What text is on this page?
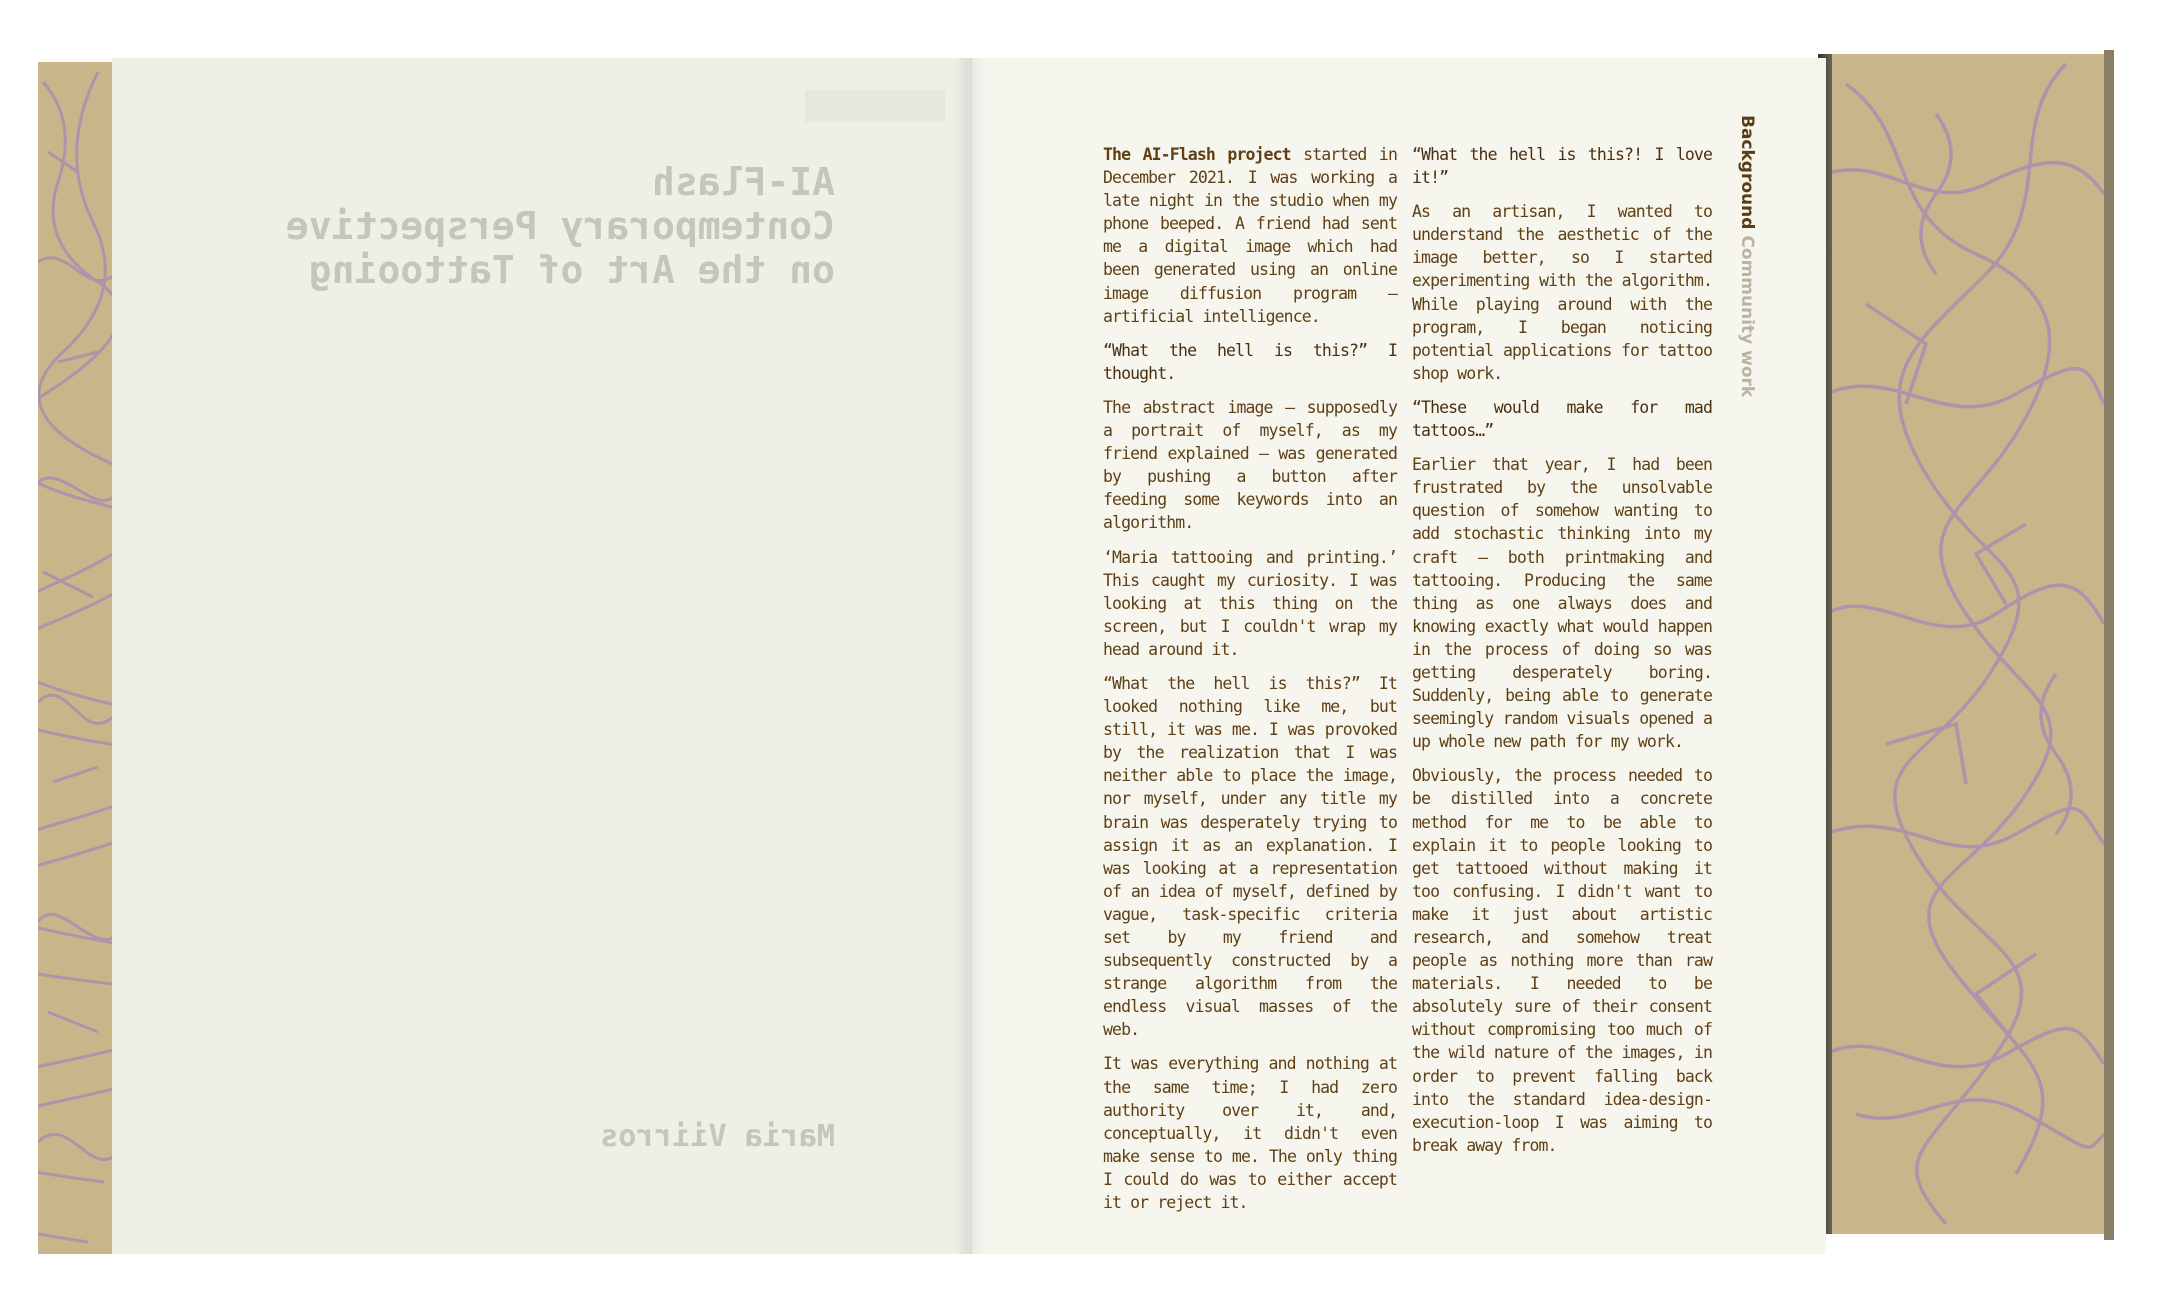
AI-Flash
Contemporary Perspective
on the Art of Tattooing
Maria Viirros

The AI-Flash project started in December 2021. I was working a late night in the studio when my phone beeped. A friend had sent me a digital image which had been generated using an online image diffusion program – artificial intelligence.

“What the hell is this?” I thought.

The abstract image – supposedly a portrait of myself, as my friend explained – was generated by pushing a button after feeding some keywords into an algorithm.

‘Maria tattooing and printing.’ This caught my curiosity. I was looking at this thing on the screen, but I couldn't wrap my head around it.

“What the hell is this?” It looked nothing like me, but still, it was me. I was provoked by the realization that I was neither able to place the image, nor myself, under any title my brain was desperately trying to assign it as an explanation. I was looking at a representation of an idea of myself, defined by vague, task-specific criteria set by my friend and subsequently constructed by a strange algorithm from the endless visual masses of the web.

It was everything and nothing at the same time; I had zero authority over it, and, conceptually, it didn't even make sense to me. The only thing I could do was to either accept it or reject it.

“What the hell is this?! I love it!”

As an artisan, I wanted to understand the aesthetic of the image better, so I started experimenting with the algorithm. While playing around with the program, I began noticing potential applications for tattoo shop work.

“These would make for mad tattoos…”

Earlier that year, I had been frustrated by the unsolvable question of somehow wanting to add stochastic thinking into my craft – both printmaking and tattooing. Producing the same thing as one always does and knowing exactly what would happen in the process of doing so was getting desperately boring. Suddenly, being able to generate seemingly random visuals opened a up whole new path for my work.

Obviously, the process needed to be distilled into a concrete method for me to be able to explain it to people looking to get tattooed without making it too confusing. I didn't want to make it just about artistic research, and somehow treat people as nothing more than raw materials. I needed to be absolutely sure of their consent without compromising too much of the wild nature of the images, in order to prevent falling back into the standard idea-design-execution-loop I was aiming to break away from.

BackgroundCommunity work
